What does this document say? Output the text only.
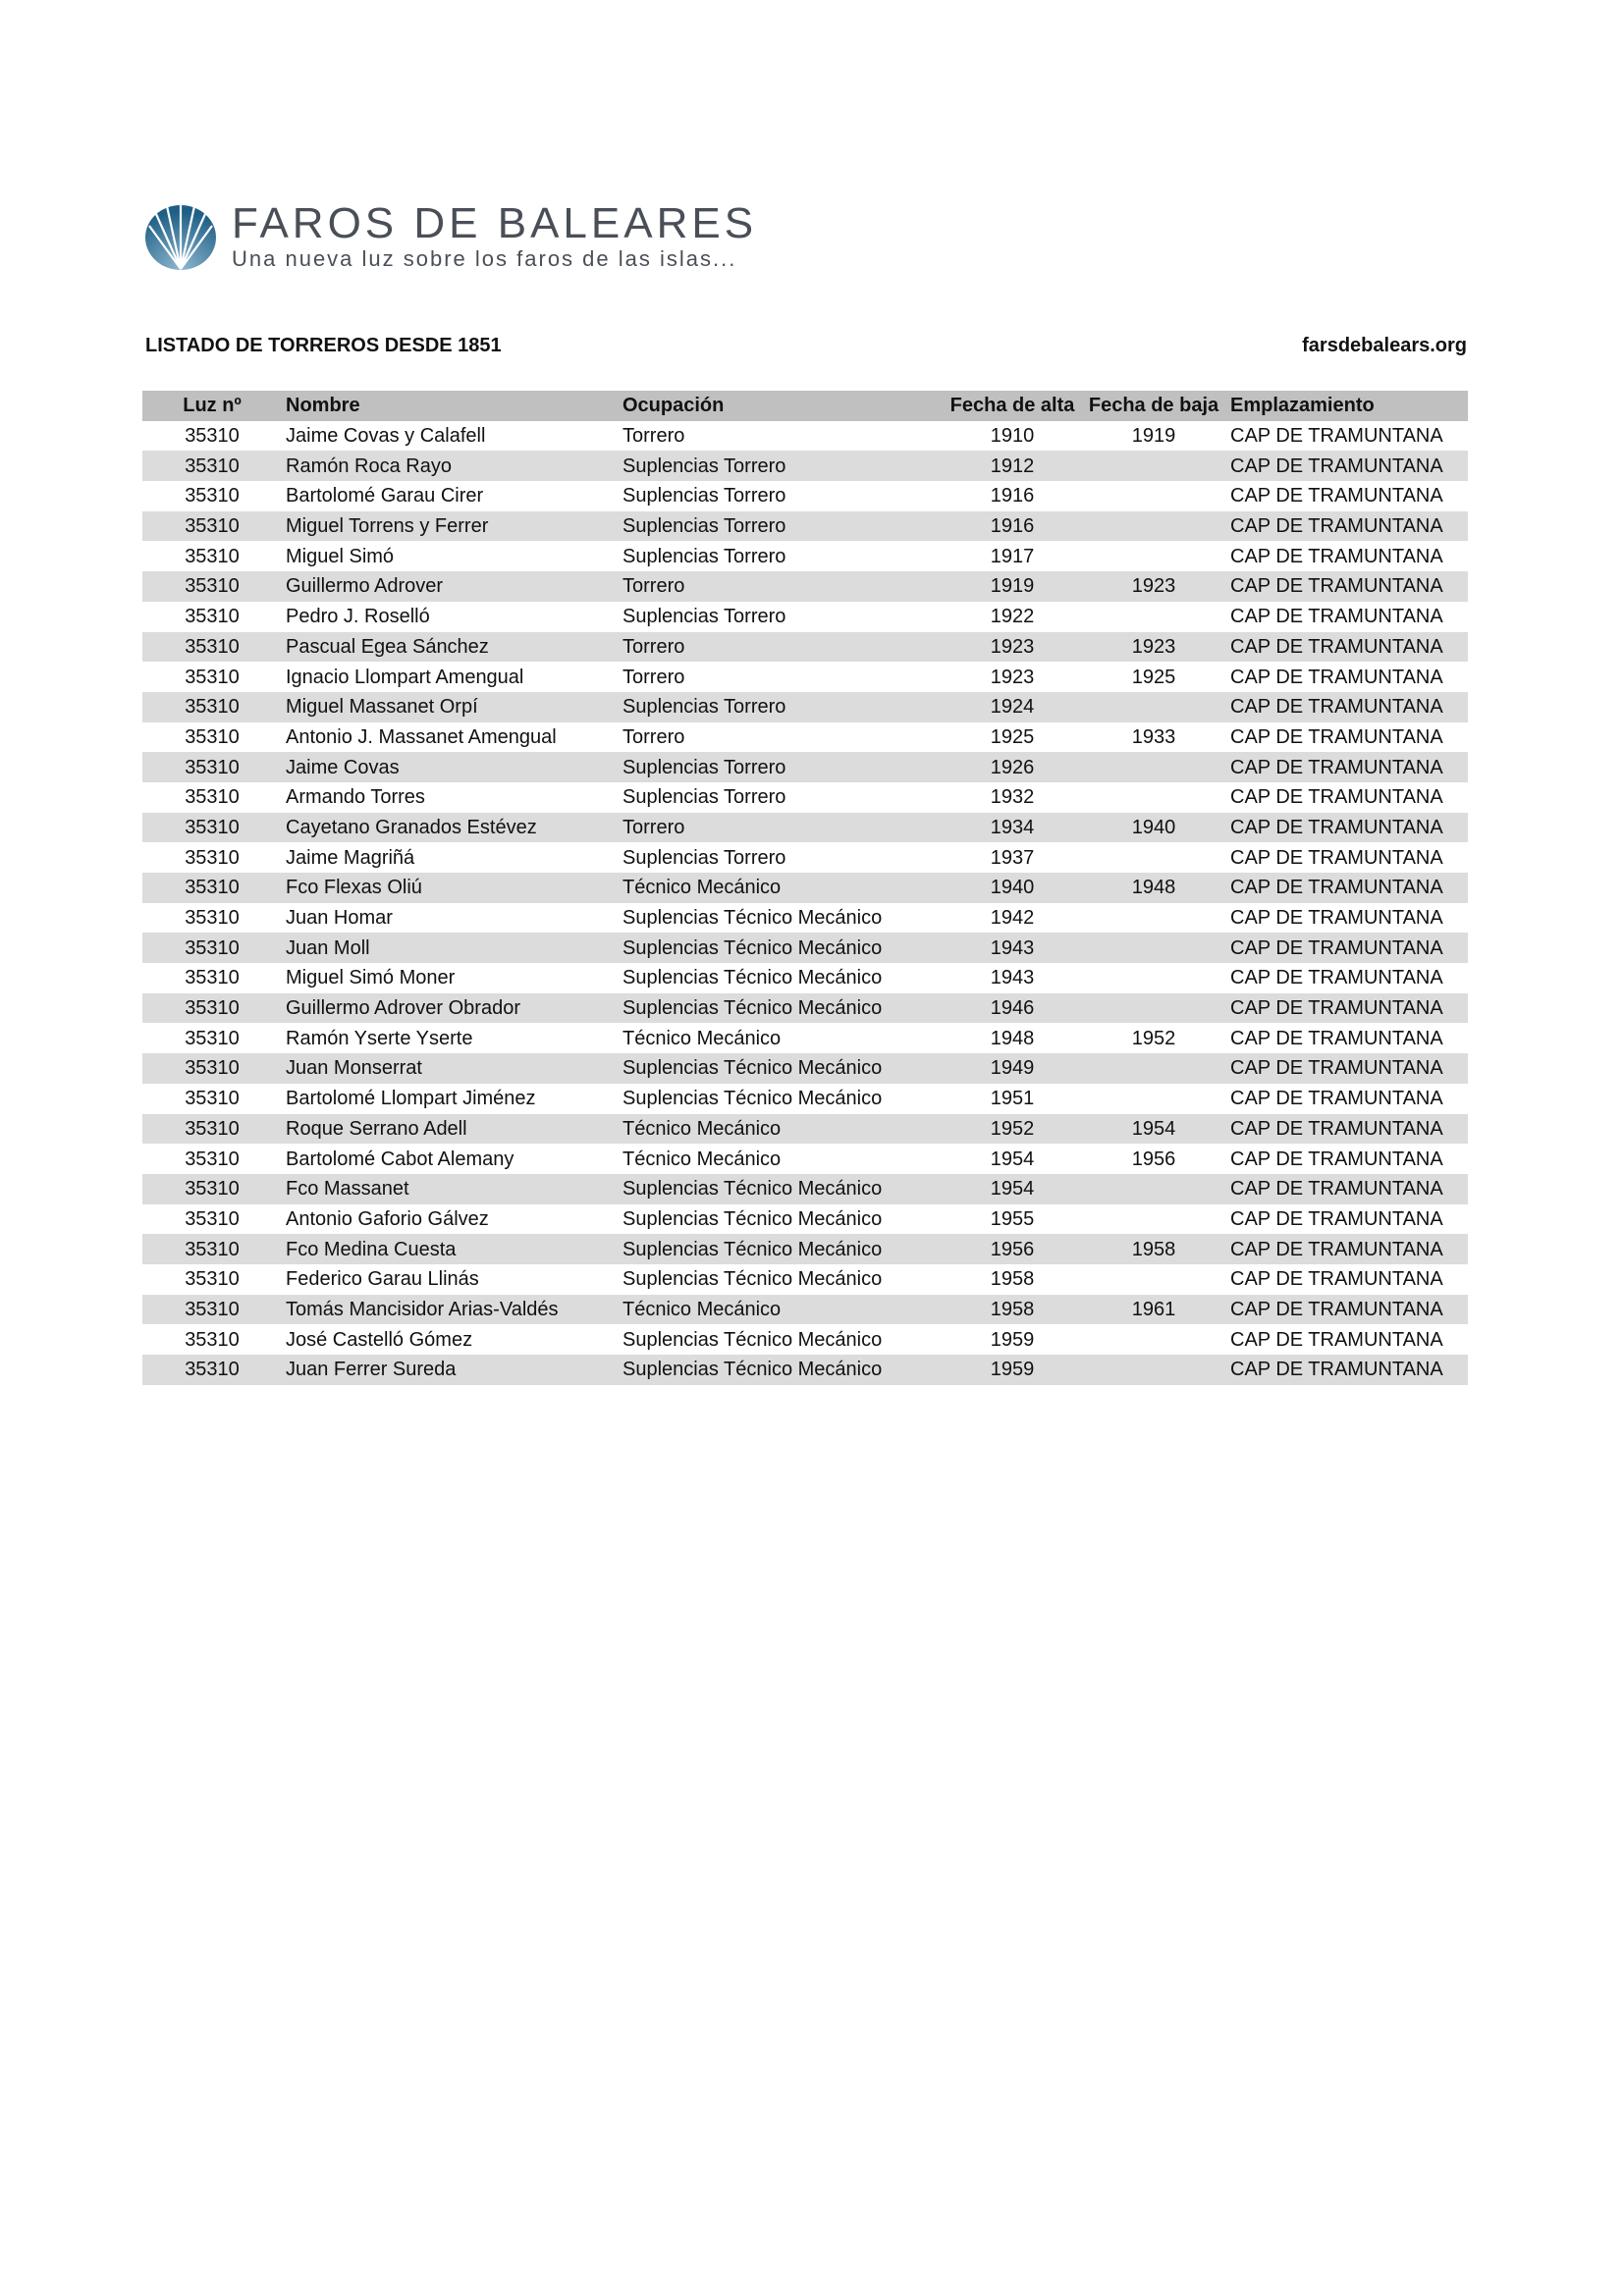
FAROS DE BALEARES
Una nueva luz sobre los faros de las islas...
LISTADO DE TORREROS DESDE 1851	farsdebalears.org
Luz nº	Nombre	Ocupación	Fecha de alta	Fecha de baja	Emplazamiento
35310	Jaime Covas y Calafell	Torrero	1910	1919	CAP DE TRAMUNTANA
35310	Ramón Roca Rayo	Suplencias Torrero	1912		CAP DE TRAMUNTANA
35310	Bartolomé Garau Cirer	Suplencias Torrero	1916		CAP DE TRAMUNTANA
35310	Miguel Torrens y Ferrer	Suplencias Torrero	1916		CAP DE TRAMUNTANA
35310	Miguel Simó	Suplencias Torrero	1917		CAP DE TRAMUNTANA
35310	Guillermo Adrover	Torrero	1919	1923	CAP DE TRAMUNTANA
35310	Pedro J. Roselló	Suplencias Torrero	1922		CAP DE TRAMUNTANA
35310	Pascual Egea Sánchez	Torrero	1923	1923	CAP DE TRAMUNTANA
35310	Ignacio Llompart Amengual	Torrero	1923	1925	CAP DE TRAMUNTANA
35310	Miguel Massanet Orpí	Suplencias Torrero	1924		CAP DE TRAMUNTANA
35310	Antonio J. Massanet Amengual	Torrero	1925	1933	CAP DE TRAMUNTANA
35310	Jaime Covas	Suplencias Torrero	1926		CAP DE TRAMUNTANA
35310	Armando Torres	Suplencias Torrero	1932		CAP DE TRAMUNTANA
35310	Cayetano Granados Estévez	Torrero	1934	1940	CAP DE TRAMUNTANA
35310	Jaime Magriñá	Suplencias Torrero	1937		CAP DE TRAMUNTANA
35310	Fco Flexas Oliú	Técnico Mecánico	1940	1948	CAP DE TRAMUNTANA
35310	Juan Homar	Suplencias Técnico Mecánico	1942		CAP DE TRAMUNTANA
35310	Juan Moll	Suplencias Técnico Mecánico	1943		CAP DE TRAMUNTANA
35310	Miguel Simó Moner	Suplencias Técnico Mecánico	1943		CAP DE TRAMUNTANA
35310	Guillermo Adrover Obrador	Suplencias Técnico Mecánico	1946		CAP DE TRAMUNTANA
35310	Ramón Yserte Yserte	Técnico Mecánico	1948	1952	CAP DE TRAMUNTANA
35310	Juan Monserrat	Suplencias Técnico Mecánico	1949		CAP DE TRAMUNTANA
35310	Bartolomé Llompart Jiménez	Suplencias Técnico Mecánico	1951		CAP DE TRAMUNTANA
35310	Roque Serrano Adell	Técnico Mecánico	1952	1954	CAP DE TRAMUNTANA
35310	Bartolomé Cabot Alemany	Técnico Mecánico	1954	1956	CAP DE TRAMUNTANA
35310	Fco Massanet	Suplencias Técnico Mecánico	1954		CAP DE TRAMUNTANA
35310	Antonio Gaforio Gálvez	Suplencias Técnico Mecánico	1955		CAP DE TRAMUNTANA
35310	Fco Medina Cuesta	Suplencias Técnico Mecánico	1956	1958	CAP DE TRAMUNTANA
35310	Federico Garau Llinás	Suplencias Técnico Mecánico	1958		CAP DE TRAMUNTANA
35310	Tomás Mancisidor Arias-Valdés	Técnico Mecánico	1958	1961	CAP DE TRAMUNTANA
35310	José Castelló Gómez	Suplencias Técnico Mecánico	1959		CAP DE TRAMUNTANA
35310	Juan Ferrer Sureda	Suplencias Técnico Mecánico	1959		CAP DE TRAMUNTANA
